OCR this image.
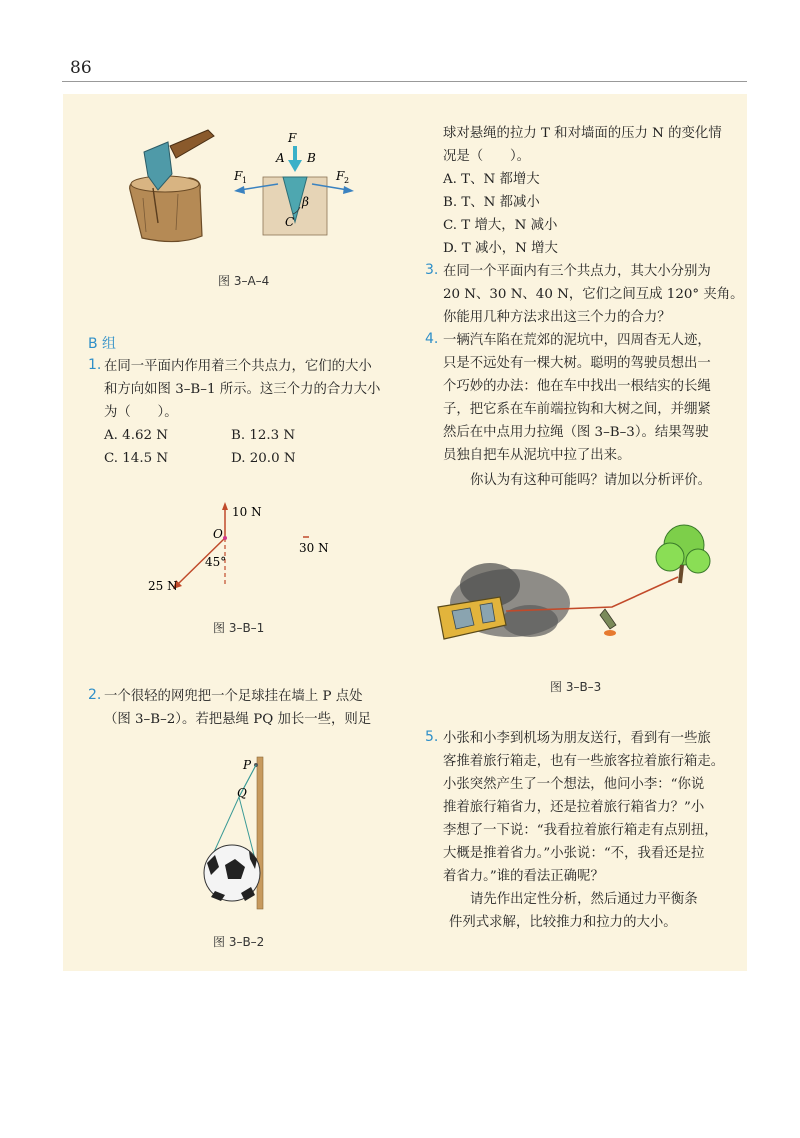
86
F
A B
F 1	F 2
β
C
图 3–A–4
B 组
1. 在同一平面内作用着三个共点力，它们的大小
和方向如图 3–B–1 所示。这三个力的合力大小
为（　　）。
A. 4.62 N	B. 12.3 N
C. 14.5 N	D. 20.0 N
10 N
O
45°
30 N
25 N
图 3–B–1
2. 一个很轻的网兜把一个足球挂在墙上 P 点处
（图 3–B–2）。若把悬绳 PQ 加长一些，则足
P
Q
图 3–B–2
球对悬绳的拉力 T 和对墙面的压力 N 的变化情
况是（　　）。
A. T、N 都增大
B. T、N 都减小
C. T 增大，N 减小
D. T 减小，N 增大
3. 在同一个平面内有三个共点力，其大小分别为
20 N、30 N、40 N，它们之间互成 120° 夹角。
你能用几种方法求出这三个力的合力？
4. 一辆汽车陷在荒郊的泥坑中，四周杳无人迹，
只是不远处有一棵大树。聪明的驾驶员想出一
个巧妙的办法：他在车中找出一根结实的长绳
子，把它系在车前端拉钩和大树之间，并绷紧
然后在中点用力拉绳（图 3–B–3）。结果驾驶
员独自把车从泥坑中拉了出来。
你认为有这种可能吗？请加以分析评价。
图 3–B–3
5. 小张和小李到机场为朋友送行，看到有一些旅
客推着旅行箱走，也有一些旅客拉着旅行箱走。
小张突然产生了一个想法，他问小李：“你说
推着旅行箱省力，还是拉着旅行箱省力？”小
李想了一下说：“我看拉着旅行箱走有点别扭，
大概是推着省力。”小张说：“不，我看还是拉
着省力。”谁的看法正确呢？
请先作出定性分析，然后通过力平衡条
件列式求解，比较推力和拉力的大小。
